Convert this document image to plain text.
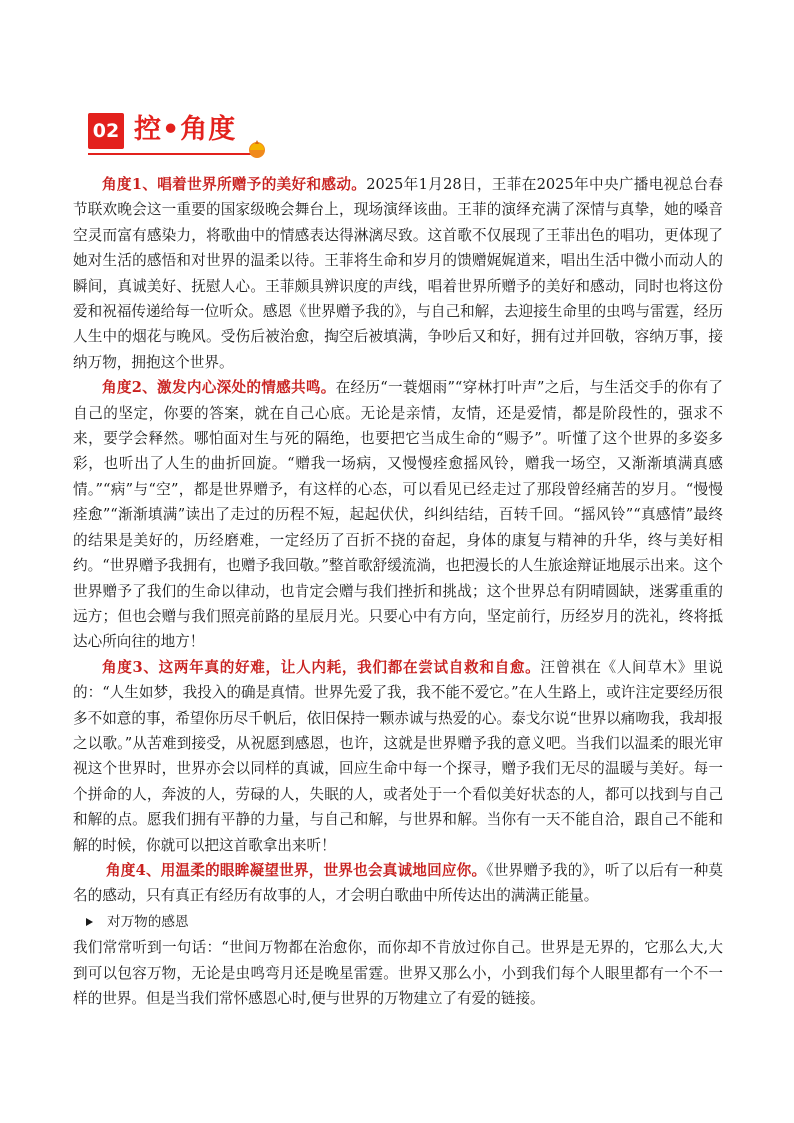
02 控•角度

角度1、唱着世界所赠予的美好和感动。2025年1月28日，王菲在2025年中央广播电视总台春节联欢晚会这一重要的国家级晚会舞台上，现场演绎该曲。王菲的演绎充满了深情与真挚，她的嗓音空灵而富有感染力，将歌曲中的情感表达得淋漓尽致。这首歌不仅展现了王菲出色的唱功，更体现了她对生活的感悟和对世界的温柔以待。王菲将生命和岁月的馈赠娓娓道来，唱出生活中微小而动人的瞬间，真诚美好、抚慰人心。王菲颇具辨识度的声线，唱着世界所赠予的美好和感动，同时也将这份爱和祝福传递给每一位听众。感恩《世界赠予我的》，与自己和解，去迎接生命里的虫鸣与雷霆，经历人生中的烟花与晚风。受伤后被治愈，掏空后被填满，争吵后又和好，拥有过并回敬，容纳万事，接纳万物，拥抱这个世界。

角度2、激发内心深处的情感共鸣。在经历“一蓑烟雨”“穿林打叶声”之后，与生活交手的你有了自己的坚定，你要的答案，就在自己心底。无论是亲情，友情，还是爱情，都是阶段性的，强求不来，要学会释然。哪怕面对生与死的隔绝，也要把它当成生命的“赐予”。听懂了这个世界的多姿多彩，也听出了人生的曲折回旋。“赠我一场病，又慢慢痊愈摇风铃，赠我一场空，又渐渐填满真感情。”“病”与“空”，都是世界赠予，有这样的心态，可以看见已经走过了那段曾经痛苦的岁月。“慢慢痊愈”“渐渐填满”读出了走过的历程不短，起起伏伏，纠纠结结，百转千回。“摇风铃”“真感情”最终的结果是美好的，历经磨难，一定经历了百折不挠的奋起，身体的康复与精神的升华，终与美好相约。“世界赠予我拥有，也赠予我回敬。”整首歌舒缓流淌，也把漫长的人生旅途辩证地展示出来。这个世界赠予了我们的生命以律动，也肯定会赠与我们挫折和挑战；这个世界总有阴晴圆缺，迷雾重重的远方；但也会赠与我们照亮前路的星辰月光。只要心中有方向，坚定前行，历经岁月的洗礼，终将抵达心所向往的地方！

角度3、这两年真的好难，让人内耗，我们都在尝试自救和自愈。汪曾祺在《人间草木》里说的：“人生如梦，我投入的确是真情。世界先爱了我，我不能不爱它。”在人生路上，或许注定要经历很多不如意的事，希望你历尽千帆后，依旧保持一颗赤诚与热爱的心。泰戈尔说“世界以痛吻我，我却报之以歌。”从苦难到接受，从祝愿到感恩，也许，这就是世界赠予我的意义吧。当我们以温柔的眼光审视这个世界时，世界亦会以同样的真诚，回应生命中每一个探寻，赠予我们无尽的温暖与美好。每一个拼命的人，奔波的人，劳碌的人，失眠的人，或者处于一个看似美好状态的人，都可以找到与自己和解的点。愿我们拥有平静的力量，与自己和解，与世界和解。当你有一天不能自洽，跟自己不能和解的时候，你就可以把这首歌拿出来听！

角度4、用温柔的眼眸凝望世界，世界也会真诚地回应你。《世界赠予我的》，听了以后有一种莫名的感动，只有真正有经历有故事的人，才会明白歌曲中所传达出的满满正能量。

对万物的感恩

我们常常听到一句话：“世间万物都在治愈你，而你却不肯放过你自己。世界是无界的，它那么大,大到可以包容万物，无论是虫鸣弯月还是晚星雷霆。世界又那么小，小到我们每个人眼里都有一个不一样的世界。但是当我们常怀感恩心时,便与世界的万物建立了有爱的链接。
